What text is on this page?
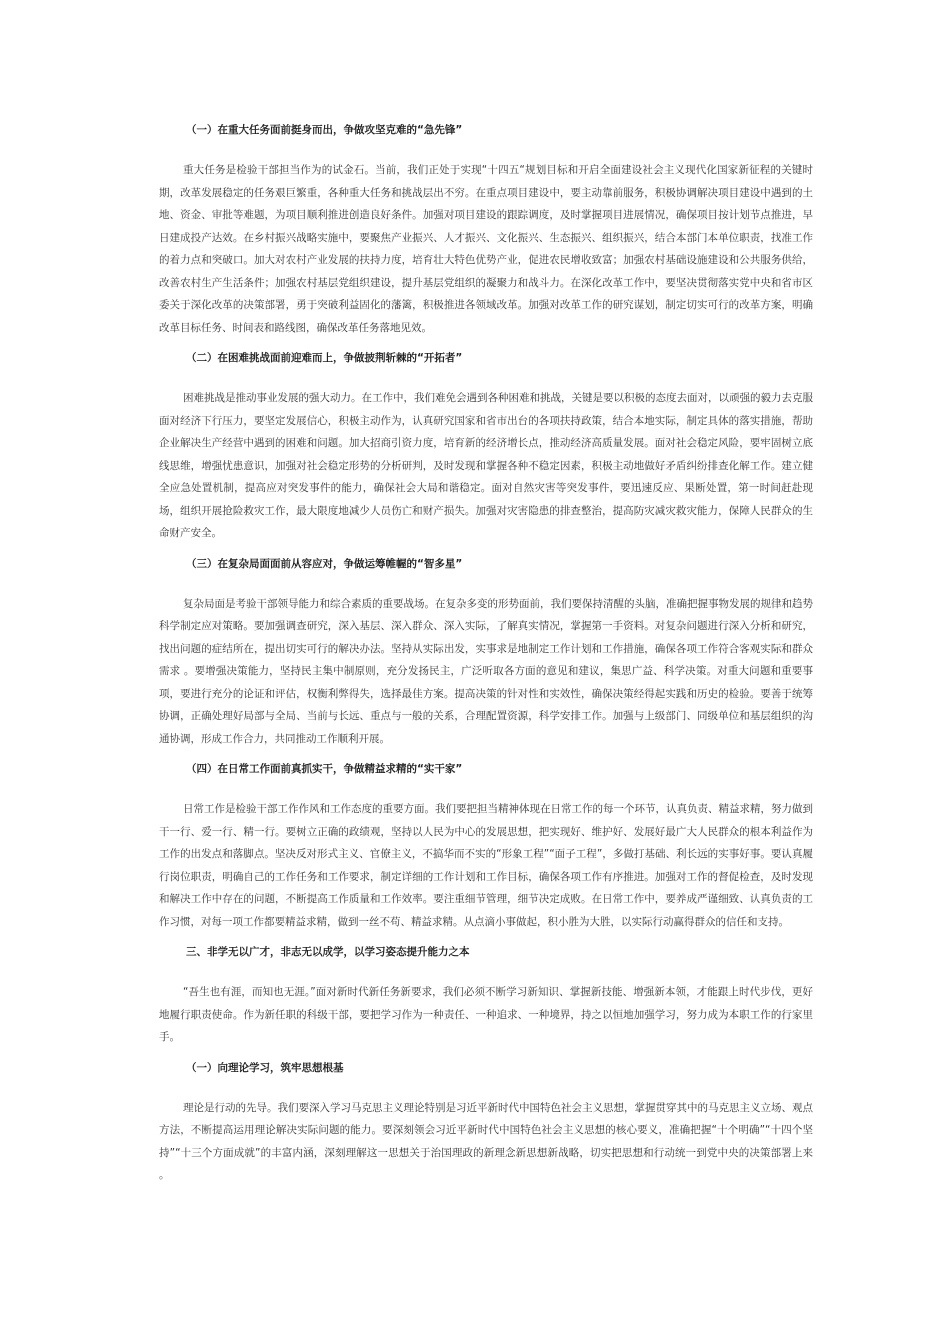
（一）在重大任务面前挺身而出，争做攻坚克难的“急先锋”

重大任务是检验干部担当作为的试金石。当前，我们正处于实现“十四五“规划目标和开启全面建设社会主义现代化国家新征程的关键时期，改革发展稳定的任务艰巨繁重，各种重大任务和挑战层出不穷。在重点项目建设中，要主动靠前服务，积极协调解决项目建设中遇到的土地、资金、审批等难题，为项目顺利推进创造良好条件。加强对项目建设的跟踪调度，及时掌握项目进展情况，确保项目按计划节点推进，早日建成投产达效。在乡村振兴战略实施中，要聚焦产业振兴、人才振兴、文化振兴、生态振兴、组织振兴，结合本部门本单位职责，找准工作的着力点和突破口。加大对农村产业发展的扶持力度，培育壮大特色优势产业，促进农民增收致富；加强农村基础设施建设和公共服务供给，改善农村生产生活条件；加强农村基层党组织建设，提升基层党组织的凝聚力和战斗力。在深化改革工作中，要坚决贯彻落实党中央和省市区委关于深化改革的决策部署，勇于突破利益固化的藩篱，积极推进各领域改革。加强对改革工作的研究谋划，制定切实可行的改革方案，明确改革目标任务、时间表和路线图，确保改革任务落地见效。

（二）在困难挑战面前迎难而上，争做披荆斩棘的“开拓者”

困难挑战是推动事业发展的强大动力。在工作中，我们难免会遇到各种困难和挑战，关键是要以积极的态度去面对，以顽强的毅力去克服面对经济下行压力，要坚定发展信心，积极主动作为，认真研究国家和省市出台的各项扶持政策，结合本地实际，制定具体的落实措施，帮助企业解决生产经营中遇到的困难和问题。加大招商引资力度，培育新的经济增长点，推动经济高质量发展。面对社会稳定风险，要牢固树立底线思维，增强忧患意识，加强对社会稳定形势的分析研判，及时发现和掌握各种不稳定因素，积极主动地做好矛盾纠纷排查化解工作。建立健全应急处置机制，提高应对突发事件的能力，确保社会大局和谐稳定。面对自然灾害等突发事件，要迅速反应、果断处置，第一时间赶赴现场，组织开展抢险救灾工作，最大限度地减少人员伤亡和财产损失。加强对灾害隐患的排查整治，提高防灾减灾救灾能力，保障人民群众的生命财产安全。

（三）在复杂局面面前从容应对，争做运筹帷幄的“智多星”

复杂局面是考验干部领导能力和综合素质的重要战场。在复杂多变的形势面前，我们要保持清醒的头脑，准确把握事物发展的规律和趋势科学制定应对策略。要加强调查研究，深入基层、深入群众、深入实际，了解真实情况，掌握第一手资料。对复杂问题进行深入分析和研究，找出问题的症结所在，提出切实可行的解决办法。坚持从实际出发，实事求是地制定工作计划和工作措施，确保各项工作符合客观实际和群众需求 。要增强决策能力，坚持民主集中制原则，充分发扬民主，广泛听取各方面的意见和建议，集思广益、科学决策。对重大问题和重要事项，要进行充分的论证和评估，权衡利弊得失，选择最佳方案。提高决策的针对性和实效性，确保决策经得起实践和历史的检验。要善于统筹协调，正确处理好局部与全局、当前与长远、重点与一般的关系，合理配置资源，科学安排工作。加强与上级部门、同级单位和基层组织的沟通协调，形成工作合力，共同推动工作顺利开展。

（四）在日常工作面前真抓实干，争做精益求精的“实干家”

日常工作是检验干部工作作风和工作态度的重要方面。我们要把担当精神体现在日常工作的每一个环节，认真负责、精益求精，努力做到干一行、爱一行、精一行。要树立正确的政绩观，坚持以人民为中心的发展思想，把实现好、维护好、发展好最广大人民群众的根本利益作为工作的出发点和落脚点。坚决反对形式主义、官僚主义，不搞华而不实的“形象工程”“面子工程”，多做打基础、利长远的实事好事。要认真履行岗位职责，明确自己的工作任务和工作要求，制定详细的工作计划和工作目标，确保各项工作有序推进。加强对工作的督促检查，及时发现和解决工作中存在的问题，不断提高工作质量和工作效率。要注重细节管理，细节决定成败。在日常工作中，要养成严谨细致、认真负责的工作习惯，对每一项工作都要精益求精，做到一丝不苟、精益求精。从点滴小事做起，积小胜为大胜，以实际行动赢得群众的信任和支持。

三、非学无以广才，非志无以成学，以学习姿态提升能力之本

“吾生也有涯，而知也无涯。”面对新时代新任务新要求，我们必须不断学习新知识、掌握新技能、增强新本领，才能跟上时代步伐，更好地履行职责使命。作为新任职的科级干部，要把学习作为一种责任、一种追求、一种境界，持之以恒地加强学习，努力成为本职工作的行家里手。

（一）向理论学习，筑牢思想根基

理论是行动的先导。我们要深入学习马克思主义理论特别是习近平新时代中国特色社会主义思想，掌握贯穿其中的马克思主义立场、观点方法，不断提高运用理论解决实际问题的能力。要深刻领会习近平新时代中国特色社会主义思想的核心要义，准确把握“十个明确”“十四个坚持”“十三个方面成就”的丰富内涵，深刻理解这一思想关于治国理政的新理念新思想新战略，切实把思想和行动统一到党中央的决策部署上来 。
